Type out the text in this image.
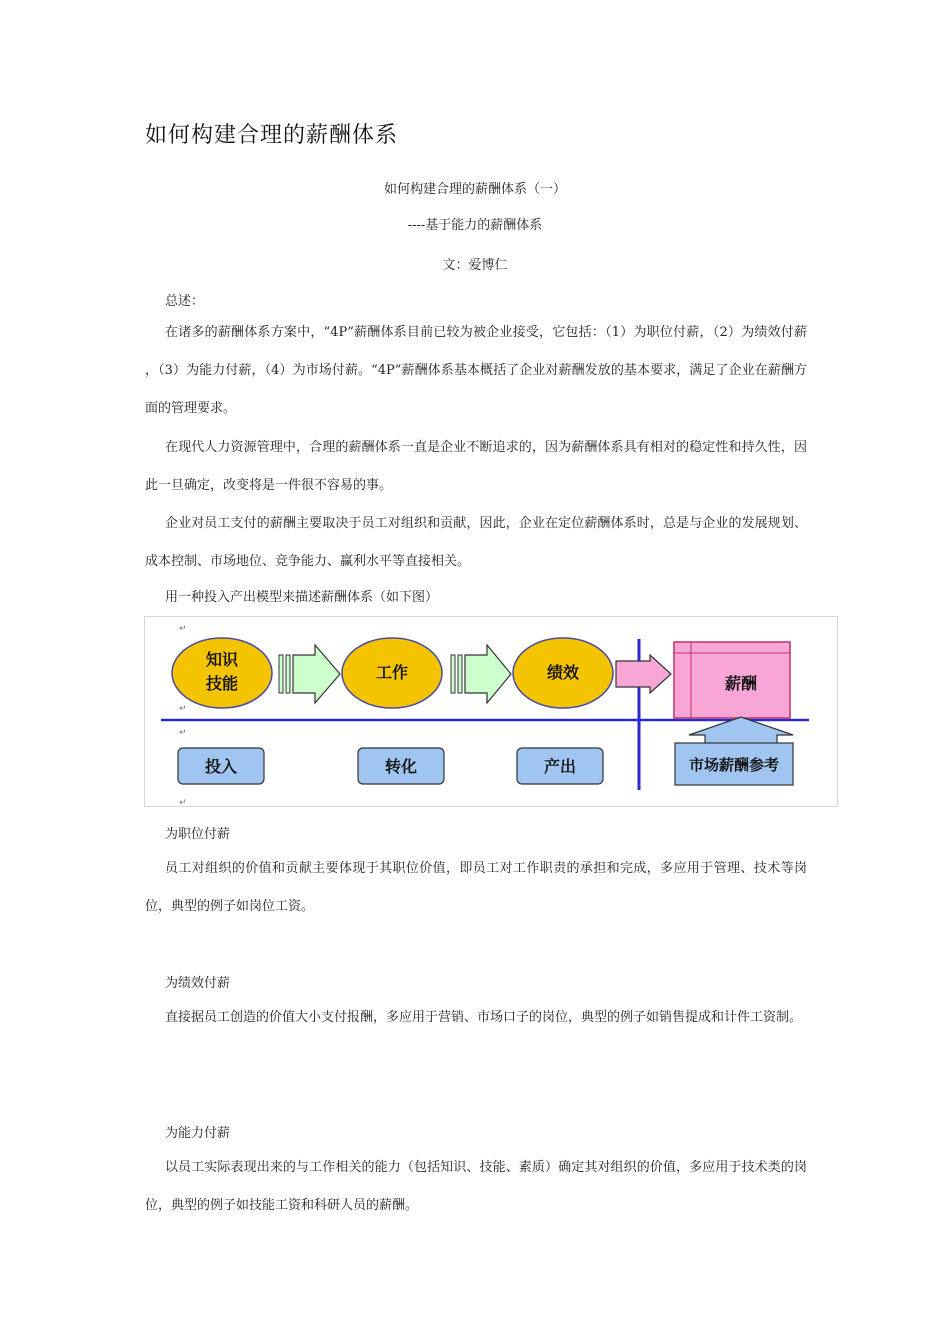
如何构建合理的薪酬体系
如何构建合理的薪酬体系（一）
----基于能力的薪酬体系
文：爱博仁
总述：
在诸多的薪酬体系方案中，“4P”薪酬体系目前已较为被企业接受，它包括：（1）为职位付薪，（2）为绩效付薪 ，（3）为能力付薪，（4）为市场付薪。“4P”薪酬体系基本概括了企业对薪酬发放的基本要求，满足了企业在薪酬方面的管理要求。
在现代人力资源管理中，合理的薪酬体系一直是企业不断追求的，因为薪酬体系具有相对的稳定性和持久性，因此一旦确定，改变将是一件很不容易的事。
企业对员工支付的薪酬主要取决于员工对组织和贡献，因此，企业在定位薪酬体系时，总是与企业的发展规划、成本控制、市场地位、竞争能力、赢利水平等直接相关。
用一种投入产出模型来描述薪酬体系（如下图）
↵
↵
↵
↵
知识
技能
工作	绩效
薪酬
市场薪酬参考
投入	转化	产出
为职位付薪
员工对组织的价值和贡献主要体现于其职位价值，即员工对工作职责的承担和完成，多应用于管理、技术等岗位，典型的例子如岗位工资。
为绩效付薪
直接据员工创造的价值大小支付报酬，多应用于营销、市场口子的岗位，典型的例子如销售提成和计件工资制。
为能力付薪
以员工实际表现出来的与工作相关的能力（包括知识、技能、素质）确定其对组织的价值，多应用于技术类的岗位，典型的例子如技能工资和科研人员的薪酬。
